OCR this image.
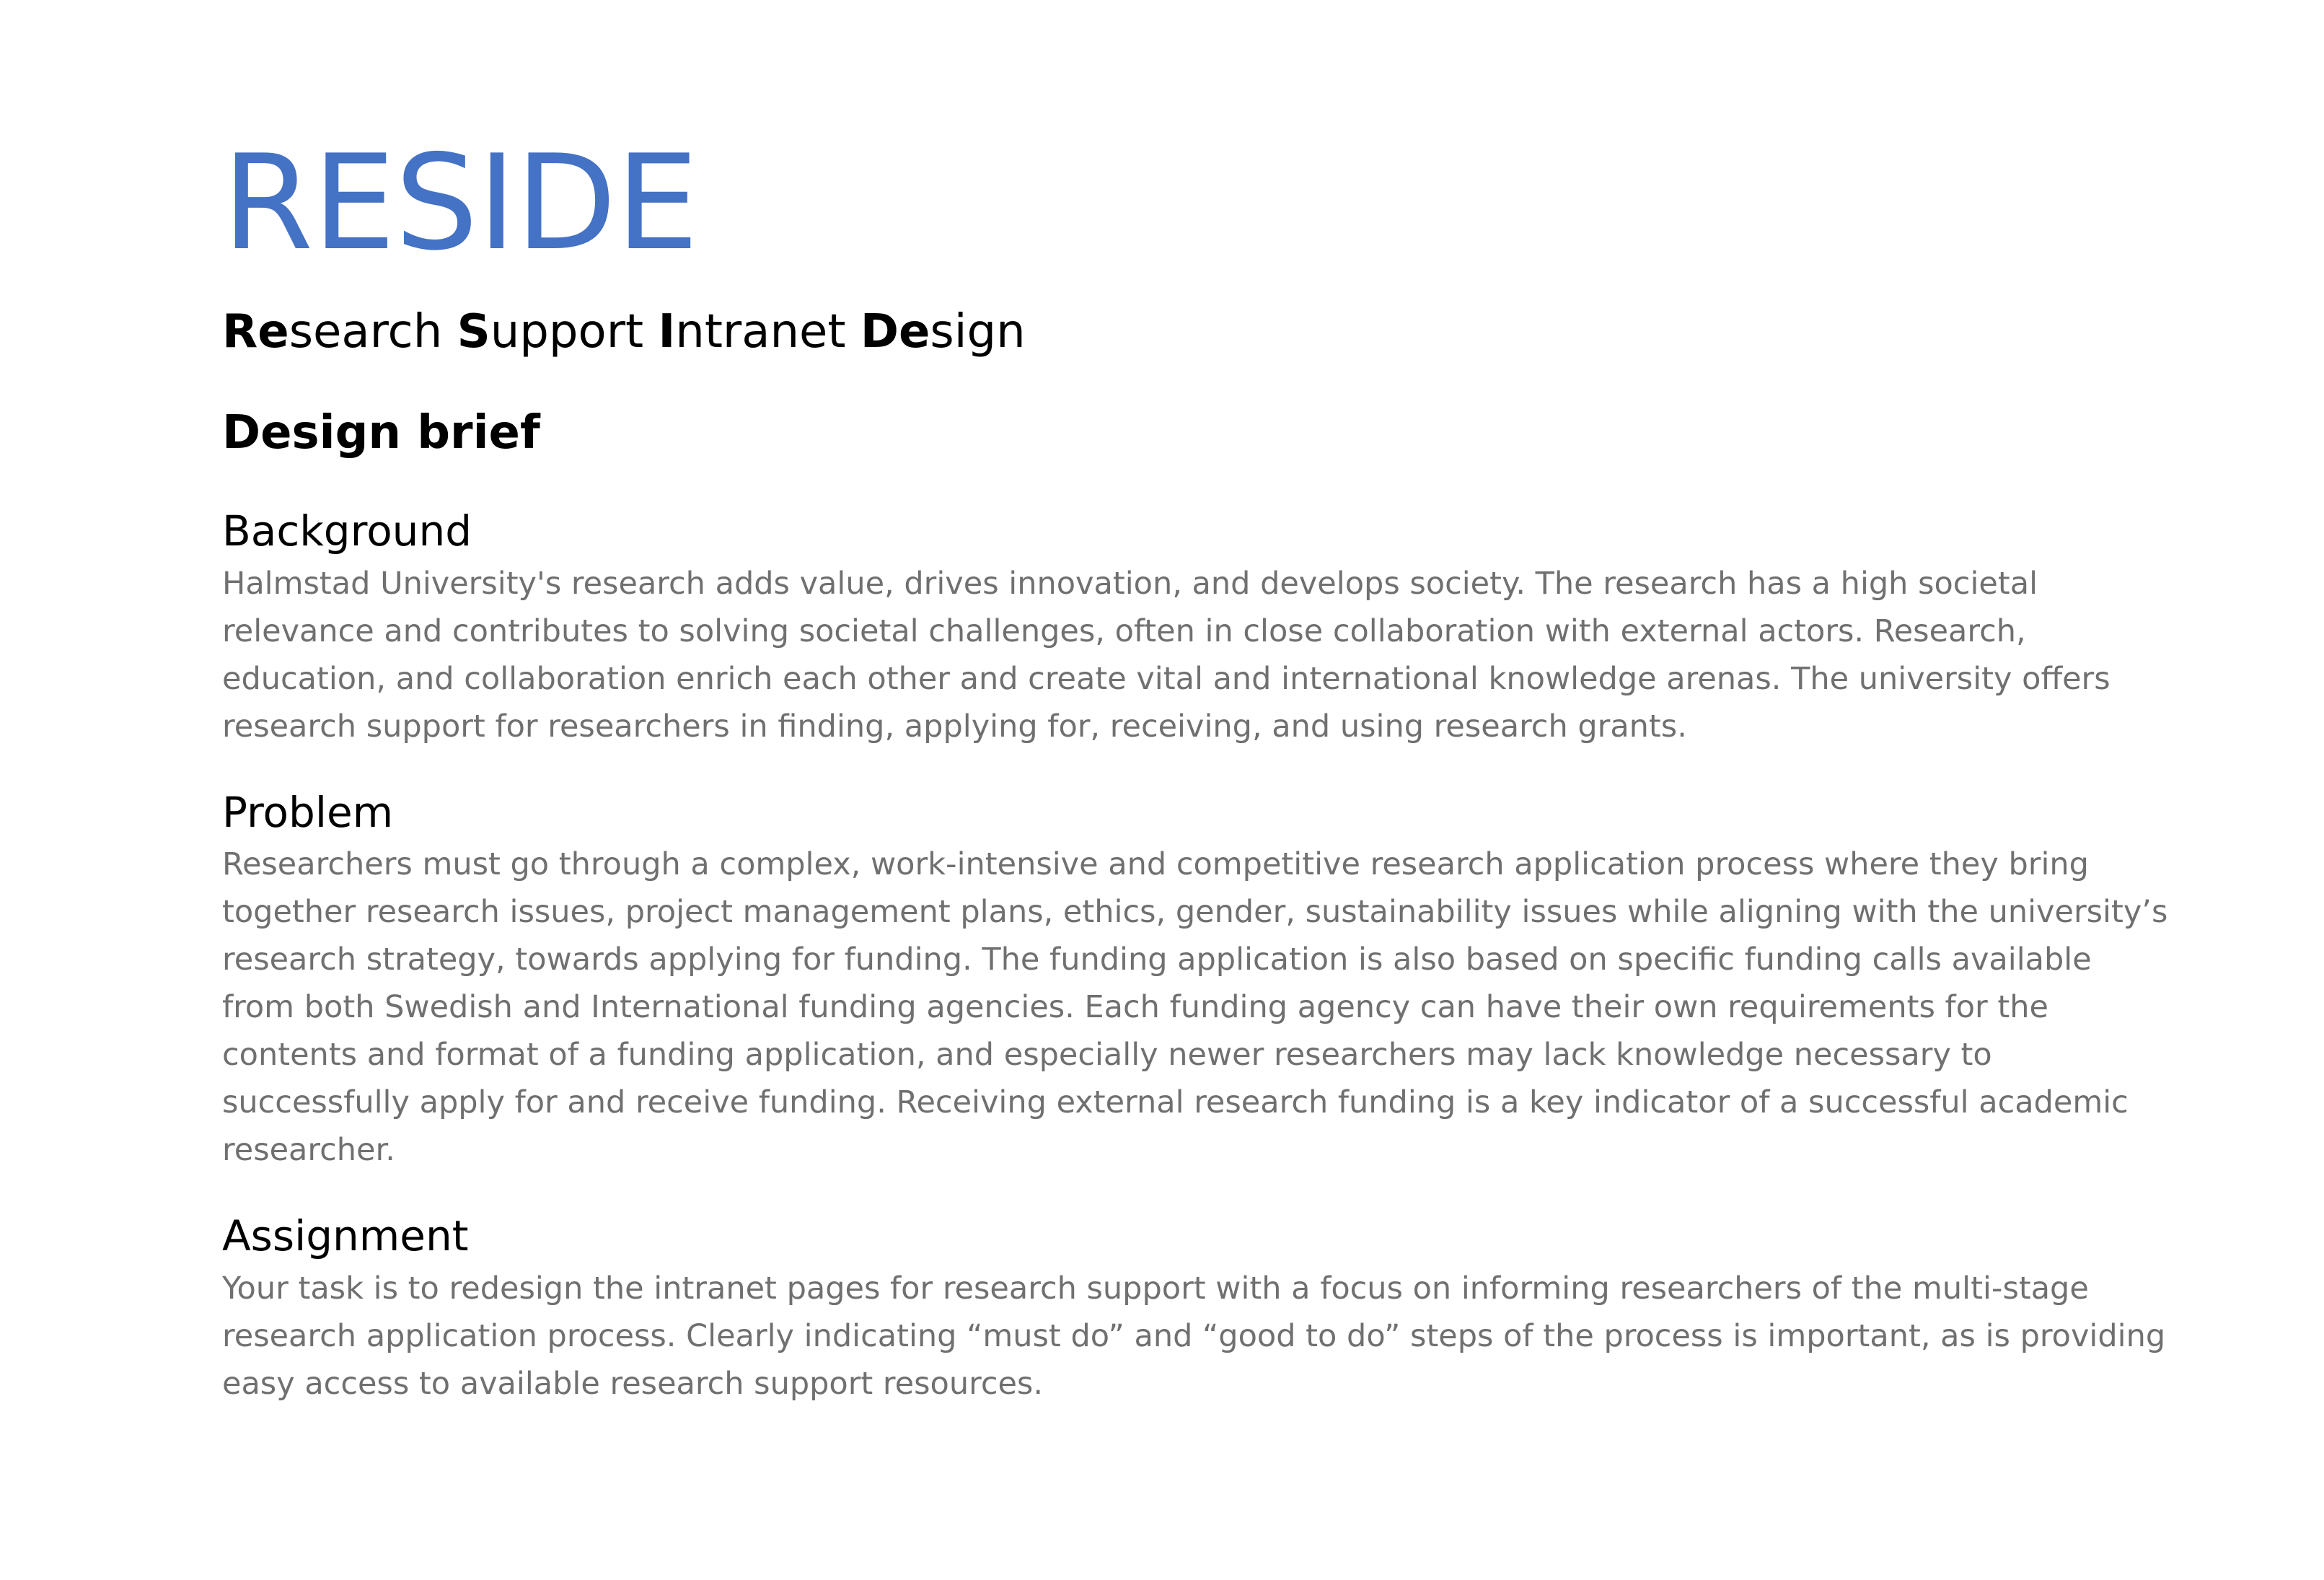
RESIDE
Research Support Intranet Design
Design brief
Background

Halmstad University's research adds value, drives innovation, and develops society. The research has a high societal relevance and contributes to solving societal challenges, often in close collaboration with external actors. Research, education, and collaboration enrich each other and create vital and international knowledge arenas. The university offers research support for researchers in finding, applying for, receiving, and using research grants.

Problem

Researchers must go through a complex, work-intensive and competitive research application process where they bring together research issues, project management plans, ethics, gender, sustainability issues while aligning with the university’s research strategy, towards applying for funding. The funding application is also based on specific funding calls available from both Swedish and International funding agencies. Each funding agency can have their own requirements for the contents and format of a funding application, and especially newer researchers may lack knowledge necessary to successfully apply for and receive funding. Receiving external research funding is a key indicator of a successful academic researcher.

Assignment

Your task is to redesign the intranet pages for research support with a focus on informing researchers of the multi-stage research application process. Clearly indicating “must do” and “good to do” steps of the process is important, as is providing easy access to available research support resources.
